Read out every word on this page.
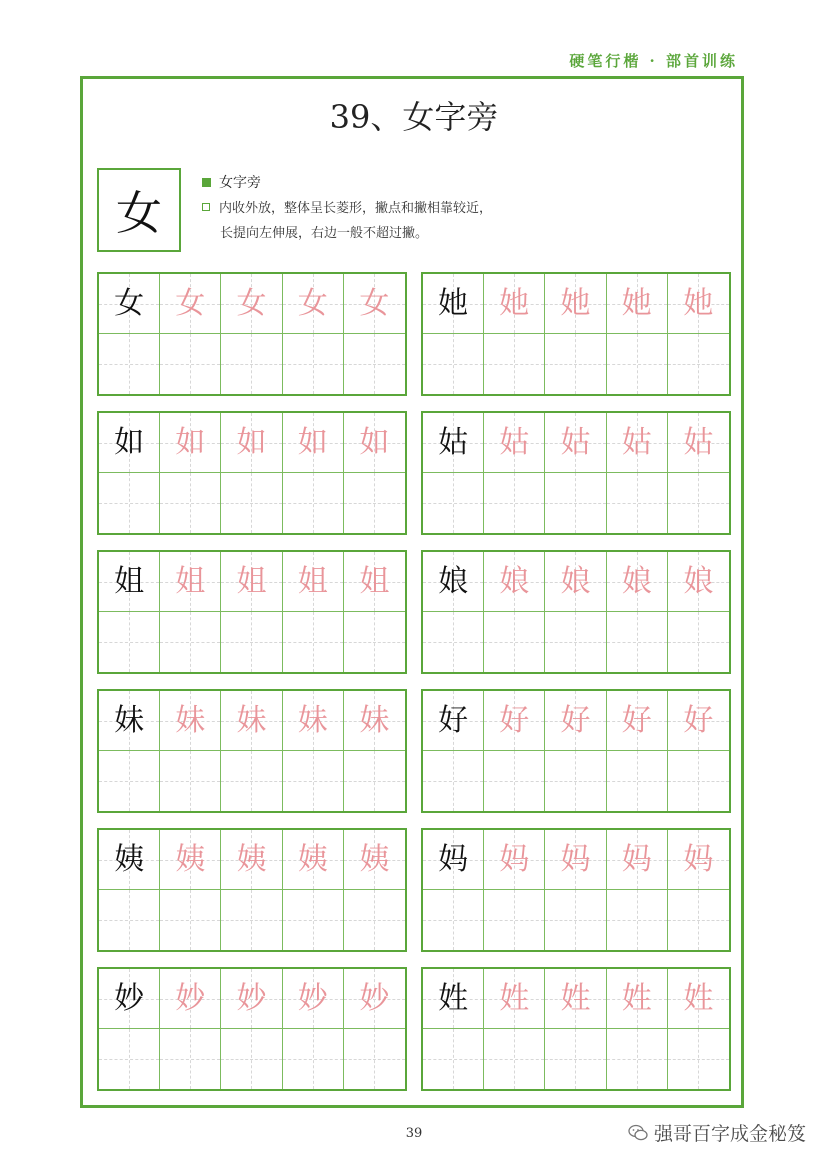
硬笔行楷 · 部首训练
39、女字旁
女
女字旁
内收外放，整体呈长菱形，撇点和撇相靠较近，
长提向左伸展，右边一般不超过撇。
女 女 女 女 女 她 她 她 她 她
如 如 如 如 如 姑 姑 姑 姑 姑
姐 姐 姐 姐 姐 娘 娘 娘 娘 娘
妹 妹 妹 妹 妹 好 好 好 好 好
姨 姨 姨 姨 姨 妈 妈 妈 妈 妈
妙 妙 妙 妙 妙 姓 姓 姓 姓 姓
39	强哥百字成金秘笈
